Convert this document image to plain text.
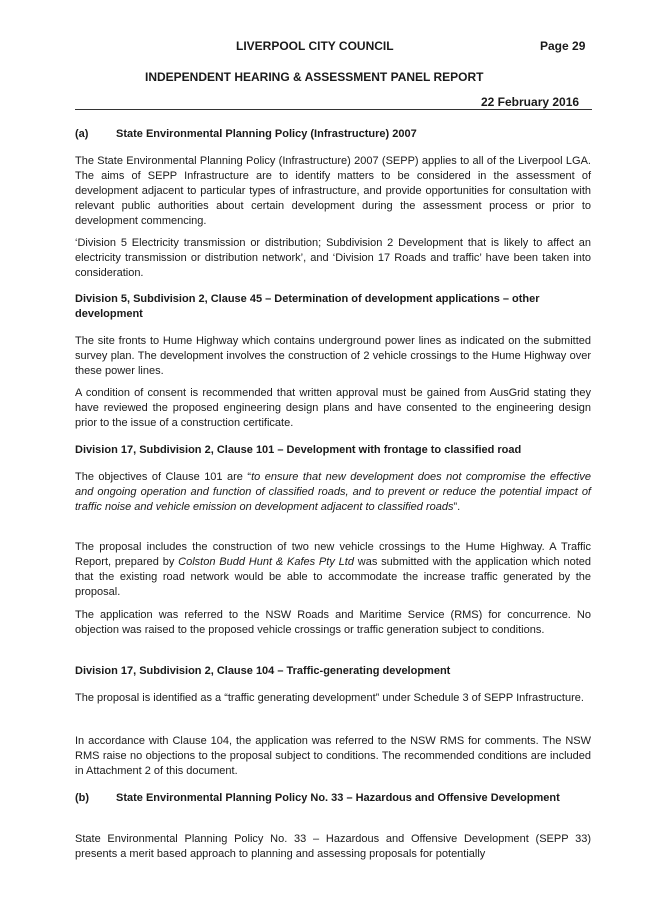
LIVERPOOL CITY COUNCIL	Page 29
INDEPENDENT HEARING & ASSESSMENT PANEL REPORT
22 February 2016
(a)	State Environmental Planning Policy (Infrastructure) 2007
The State Environmental Planning Policy (Infrastructure) 2007 (SEPP) applies to all of the Liverpool LGA. The aims of SEPP Infrastructure are to identify matters to be considered in the assessment of development adjacent to particular types of infrastructure, and provide opportunities for consultation with relevant public authorities about certain development during the assessment process or prior to development commencing.
‘Division 5 Electricity transmission or distribution; Subdivision 2 Development that is likely to affect an electricity transmission or distribution network’, and ‘Division 17 Roads and traffic’ have been taken into consideration.
Division 5, Subdivision 2, Clause 45 – Determination of development applications – other development
The site fronts to Hume Highway which contains underground power lines as indicated on the submitted survey plan. The development involves the construction of 2 vehicle crossings to the Hume Highway over these power lines.
A condition of consent is recommended that written approval must be gained from AusGrid stating they have reviewed the proposed engineering design plans and have consented to the engineering design prior to the issue of a construction certificate.
Division 17, Subdivision 2, Clause 101 – Development with frontage to classified road
The objectives of Clause 101 are “to ensure that new development does not compromise the effective and ongoing operation and function of classified roads, and to prevent or reduce the potential impact of traffic noise and vehicle emission on development adjacent to classified roads”.
The proposal includes the construction of two new vehicle crossings to the Hume Highway. A Traffic Report, prepared by Colston Budd Hunt & Kafes Pty Ltd was submitted with the application which noted that the existing road network would be able to accommodate the increase traffic generated by the proposal.
The application was referred to the NSW Roads and Maritime Service (RMS) for concurrence. No objection was raised to the proposed vehicle crossings or traffic generation subject to conditions.
Division 17, Subdivision 2, Clause 104 – Traffic-generating development
The proposal is identified as a “traffic generating development” under Schedule 3 of SEPP Infrastructure.
In accordance with Clause 104, the application was referred to the NSW RMS for comments. The NSW RMS raise no objections to the proposal subject to conditions. The recommended conditions are included in Attachment 2 of this document.
(b) State Environmental Planning Policy No. 33 – Hazardous and Offensive Development
State Environmental Planning Policy No. 33 – Hazardous and Offensive Development (SEPP 33) presents a merit based approach to planning and assessing proposals for potentially
